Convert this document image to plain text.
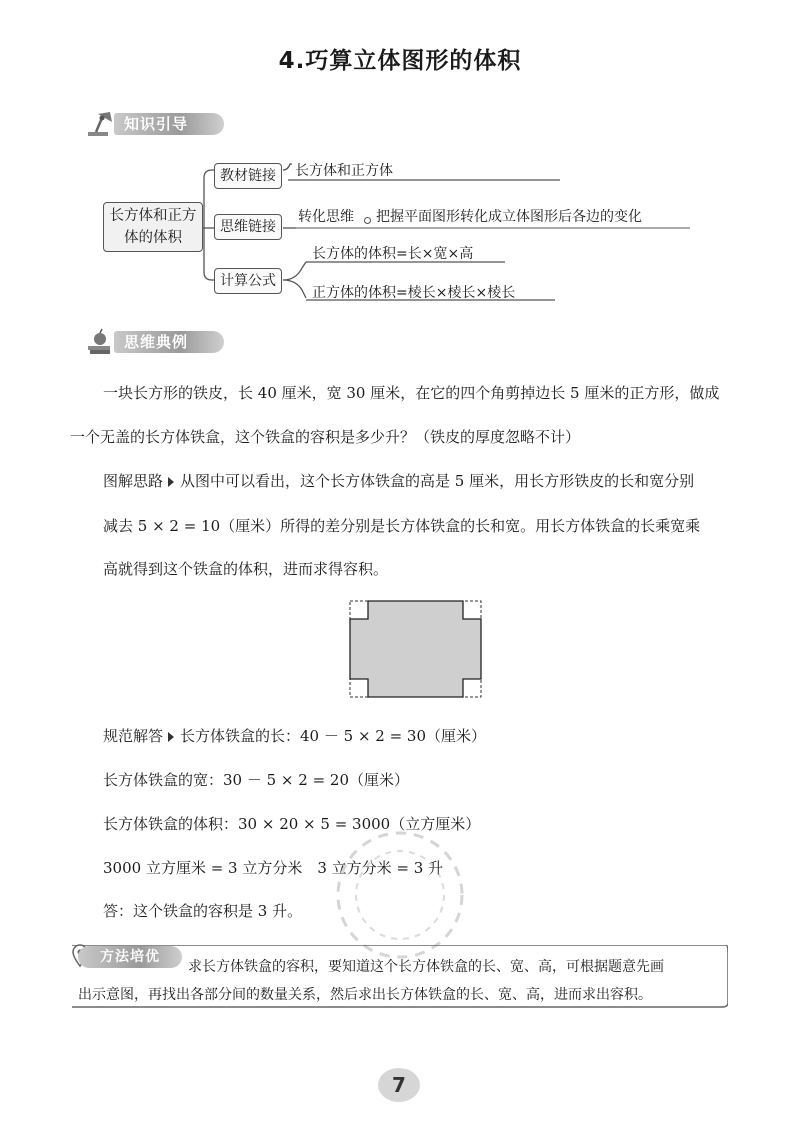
4.巧算立体图形的体积
知识引导
长方体和正方体的体积
教材链接	长方体和正方体
思维链接
转化思维 把握平面图形转化成立体图形后各边的变化
计算公式
长方体的体积=长×宽×高
正方体的体积=棱长×棱长×棱长
思维典例
一块长方形的铁皮，长 40 厘米，宽 30 厘米，在它的四个角剪掉边长 5 厘米的正方形，做成
一个无盖的长方体铁盒，这个铁盒的容积是多少升？（铁皮的厚度忽略不计）
图解思路 从图中可以看出，这个长方体铁盒的高是 5 厘米，用长方形铁皮的长和宽分别
减去 5 × 2 = 10（厘米）所得的差分别是长方体铁盒的长和宽。用长方体铁盒的长乘宽乘
高就得到这个铁盒的体积，进而求得容积。
规范解答 长方体铁盒的长：40 － 5 × 2 = 30（厘米）
长方体铁盒的宽：30 － 5 × 2 = 20（厘米）
长方体铁盒的体积：30 × 20 × 5 = 3000（立方厘米）
3000 立方厘米 = 3 立方分米　3 立方分米 = 3 升
答：这个铁盒的容积是 3 升。
方法培优
求长方体铁盒的容积，要知道这个长方体铁盒的长、宽、高，可根据题意先画
出示意图，再找出各部分间的数量关系，然后求出长方体铁盒的长、宽、高，进而求出容积。
7
